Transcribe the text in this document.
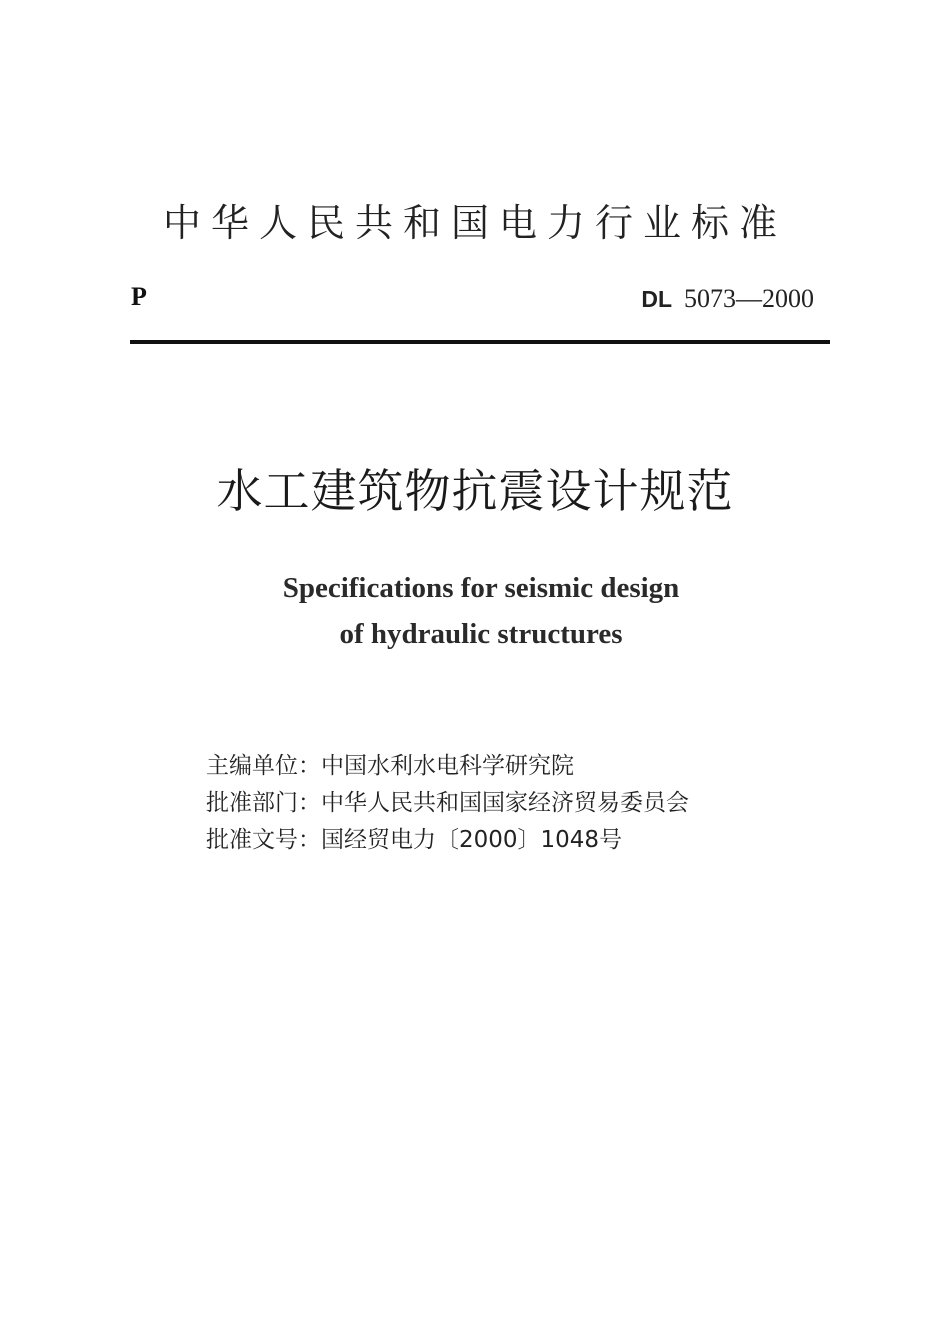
中华人民共和国电力行业标准
P	DL 5073—2000
水工建筑物抗震设计规范
Specifications for seismic design
of hydraulic structures
主编单位：中国水利水电科学研究院
批准部门：中华人民共和国国家经济贸易委员会
批准文号：国经贸电力〔2000〕1048号
